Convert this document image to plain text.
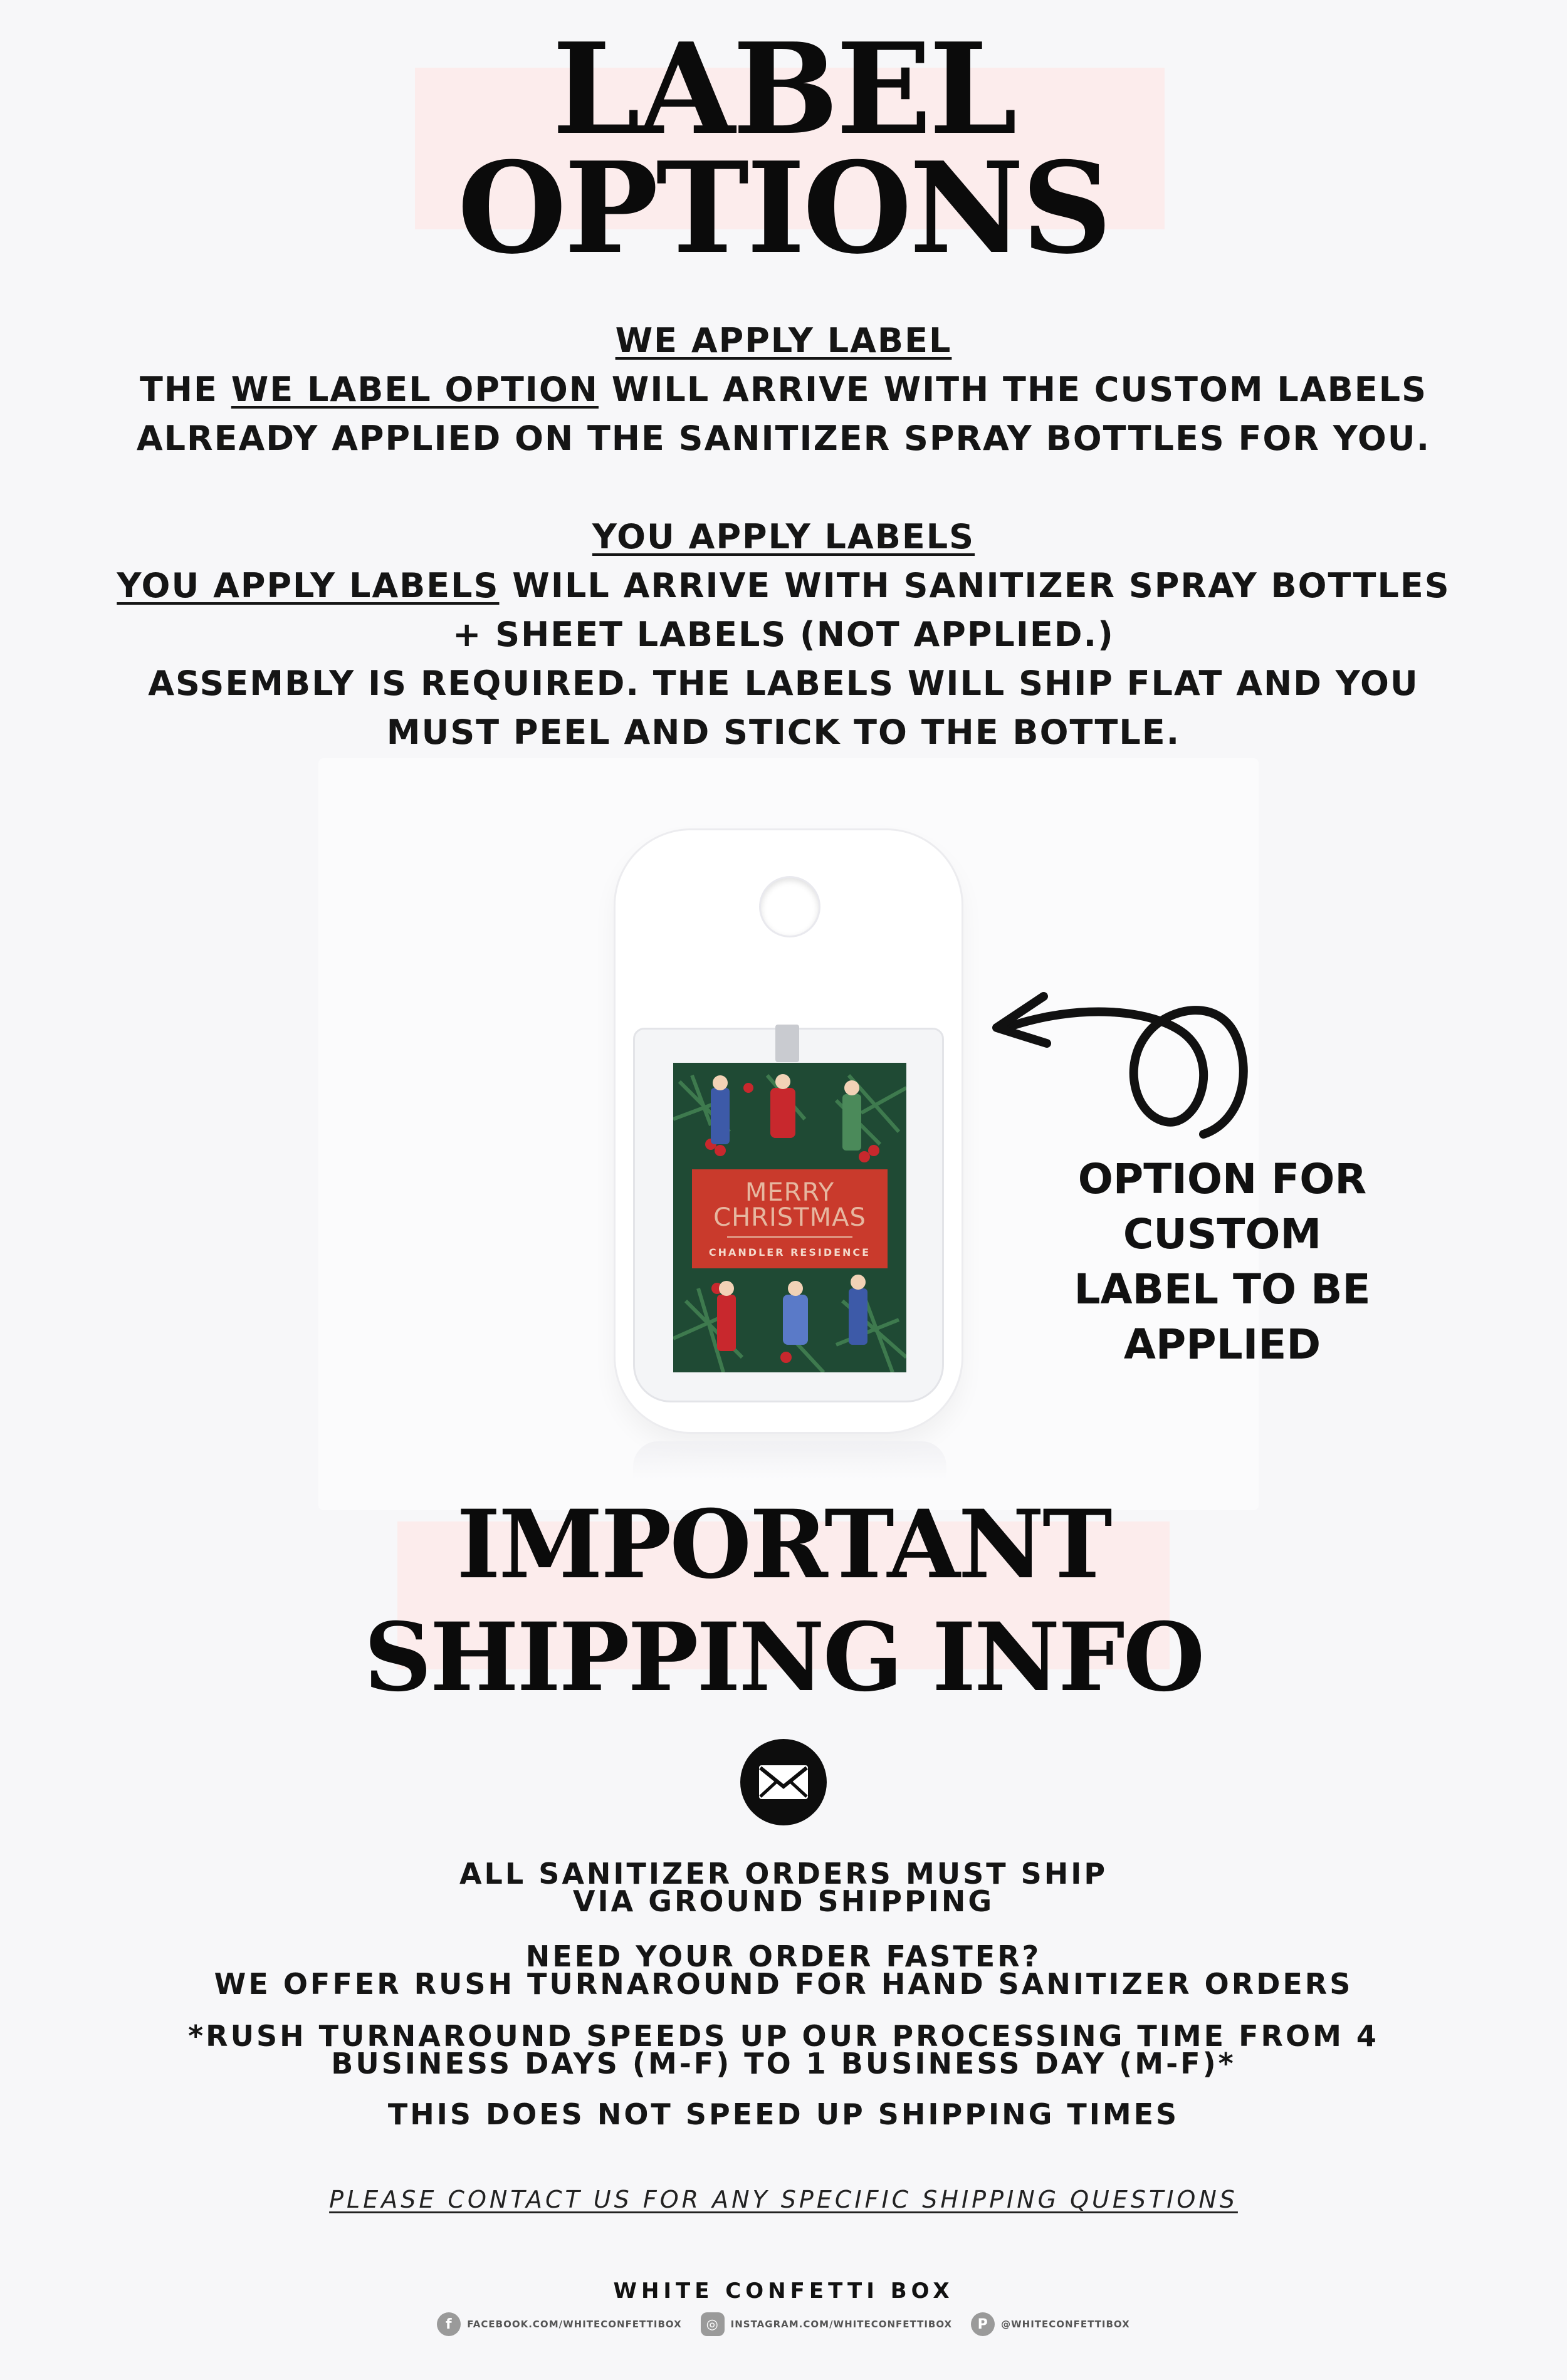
LABEL
OPTIONS
WE APPLY LABEL
THE WE LABEL OPTION WILL ARRIVE WITH THE CUSTOM LABELS
ALREADY APPLIED ON THE SANITIZER SPRAY BOTTLES FOR YOU.
YOU APPLY LABELS
YOU APPLY LABELS WILL ARRIVE WITH SANITIZER SPRAY BOTTLES
+ SHEET LABELS (NOT APPLIED.)
ASSEMBLY IS REQUIRED. THE LABELS WILL SHIP FLAT AND YOU
MUST PEEL AND STICK TO THE BOTTLE.
MERRY
CHRISTMAS
CHANDLER RESIDENCE
OPTION FOR
CUSTOM
LABEL TO BE
APPLIED
IMPORTANT
SHIPPING INFO
ALL SANITIZER ORDERS MUST SHIP
VIA GROUND SHIPPING
NEED YOUR ORDER FASTER?
WE OFFER RUSH TURNAROUND FOR HAND SANITIZER ORDERS
*RUSH TURNAROUND SPEEDS UP OUR PROCESSING TIME FROM 4
BUSINESS DAYS (M-F) TO 1 BUSINESS DAY (M-F)*
THIS DOES NOT SPEED UP SHIPPING TIMES
PLEASE CONTACT US FOR ANY SPECIFIC SHIPPING QUESTIONS
WHITE CONFETTI BOX
f	FACEBOOK.COM/WHITECONFETTIBOX	◎	INSTAGRAM.COM/WHITECONFETTIBOX	P	@WHITECONFETTIBOX
